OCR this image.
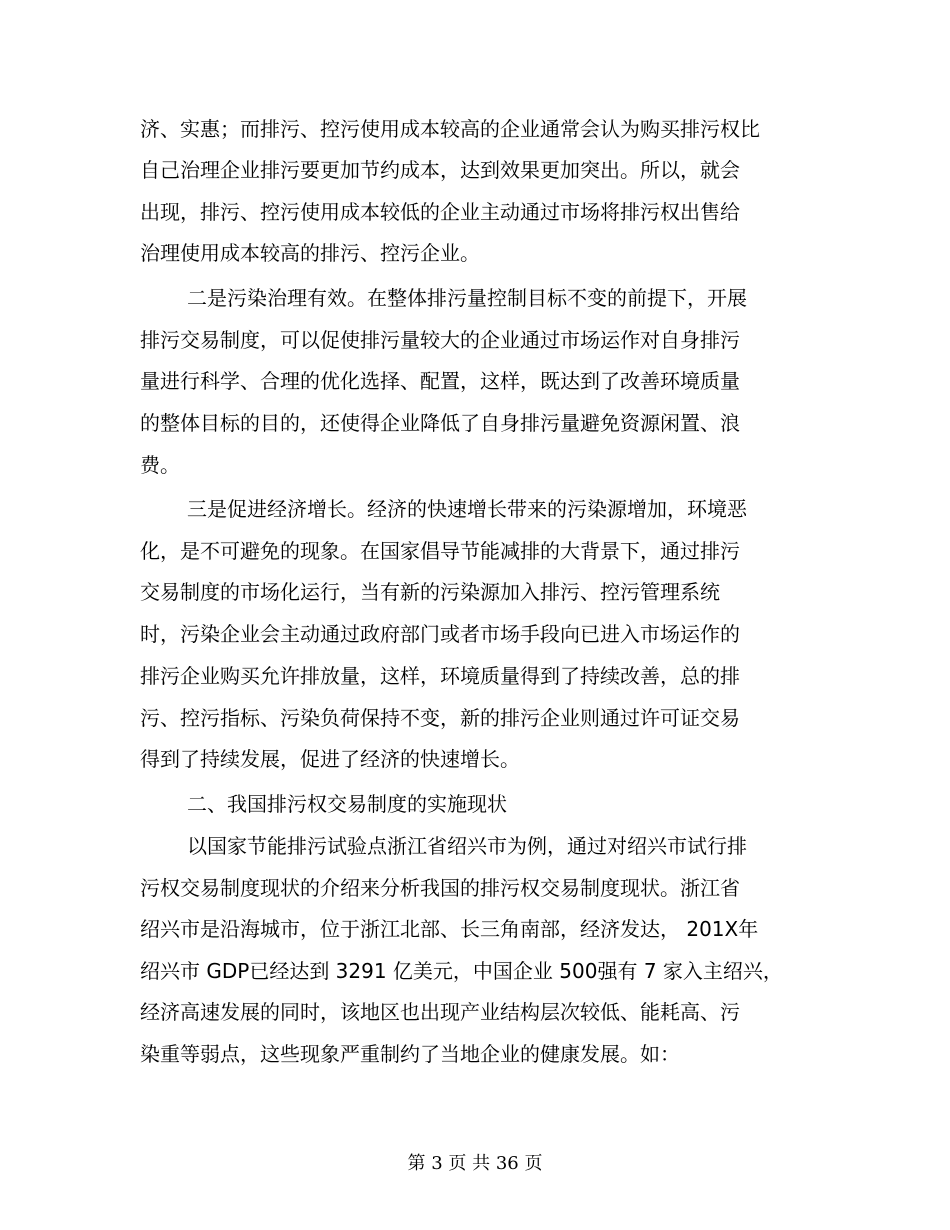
济、实惠；而排污、控污使用成本较高的企业通常会认为购买排污权比
自己治理企业排污要更加节约成本，达到效果更加突出。所以，就会
出现，排污、控污使用成本较低的企业主动通过市场将排污权出售给
治理使用成本较高的排污、控污企业。
二是污染治理有效。在整体排污量控制目标不变的前提下，开展
排污交易制度，可以促使排污量较大的企业通过市场运作对自身排污
量进行科学、合理的优化选择、配置，这样，既达到了改善环境质量
的整体目标的目的，还使得企业降低了自身排污量避免资源闲置、浪
费。
三是促进经济增长。经济的快速增长带来的污染源增加，环境恶
化，是不可避免的现象。在国家倡导节能减排的大背景下，通过排污
交易制度的市场化运行，当有新的污染源加入排污、控污管理系统
时，污染企业会主动通过政府部门或者市场手段向已进入市场运作的
排污企业购买允许排放量，这样，环境质量得到了持续改善，总的排
污、控污指标、污染负荷保持不变，新的排污企业则通过许可证交易
得到了持续发展，促进了经济的快速增长。
二、我国排污权交易制度的实施现状
以国家节能排污试验点浙江省绍兴市为例，通过对绍兴市试行排
污权交易制度现状的介绍来分析我国的排污权交易制度现状。浙江省
绍兴市是沿海城市，位于浙江北部、长三角南部，经济发达， 201X年
绍兴市 GDP已经达到 3291 亿美元，中国企业 500强有 7 家入主绍兴，
经济高速发展的同时，该地区也出现产业结构层次较低、能耗高、污
染重等弱点，这些现象严重制约了当地企业的健康发展。如：
第 3 页 共 36 页
